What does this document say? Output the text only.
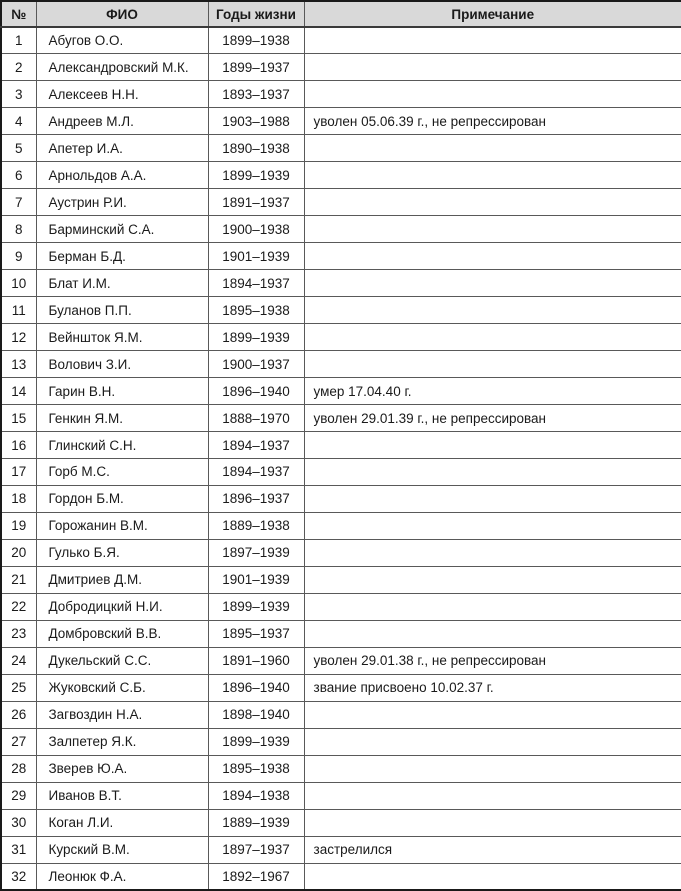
№	ФИО	Годы жизни	Примечание
1	Абугов О.О.	1899–1938	
2	Александровский М.К.	1899–1937	
3	Алексеев Н.Н.	1893–1937	
4	Андреев М.Л.	1903–1988	уволен 05.06.39 г., не репрессирован
5	Апетер И.А.	1890–1938	
6	Арнольдов А.А.	1899–1939	
7	Аустрин Р.И.	1891–1937	
8	Барминский С.А.	1900–1938	
9	Берман Б.Д.	1901–1939	
10	Блат И.М.	1894–1937	
11	Буланов П.П.	1895–1938	
12	Вейншток Я.М.	1899–1939	
13	Волович З.И.	1900–1937	
14	Гарин В.Н.	1896–1940	умер 17.04.40 г.
15	Генкин Я.М.	1888–1970	уволен 29.01.39 г., не репрессирован
16	Глинский С.Н.	1894–1937	
17	Горб М.С.	1894–1937	
18	Гордон Б.М.	1896–1937	
19	Горожанин В.М.	1889–1938	
20	Гулько Б.Я.	1897–1939	
21	Дмитриев Д.М.	1901–1939	
22	Добродицкий Н.И.	1899–1939	
23	Домбровский В.В.	1895–1937	
24	Дукельский С.С.	1891–1960	уволен 29.01.38 г., не репрессирован
25	Жуковский С.Б.	1896–1940	звание присвоено 10.02.37 г.
26	Загвоздин Н.А.	1898–1940	
27	Залпетер Я.К.	1899–1939	
28	Зверев Ю.А.	1895–1938	
29	Иванов В.Т.	1894–1938	
30	Коган Л.И.	1889–1939	
31	Курский В.М.	1897–1937	застрелился
32	Леонюк Ф.А.	1892–1967	
